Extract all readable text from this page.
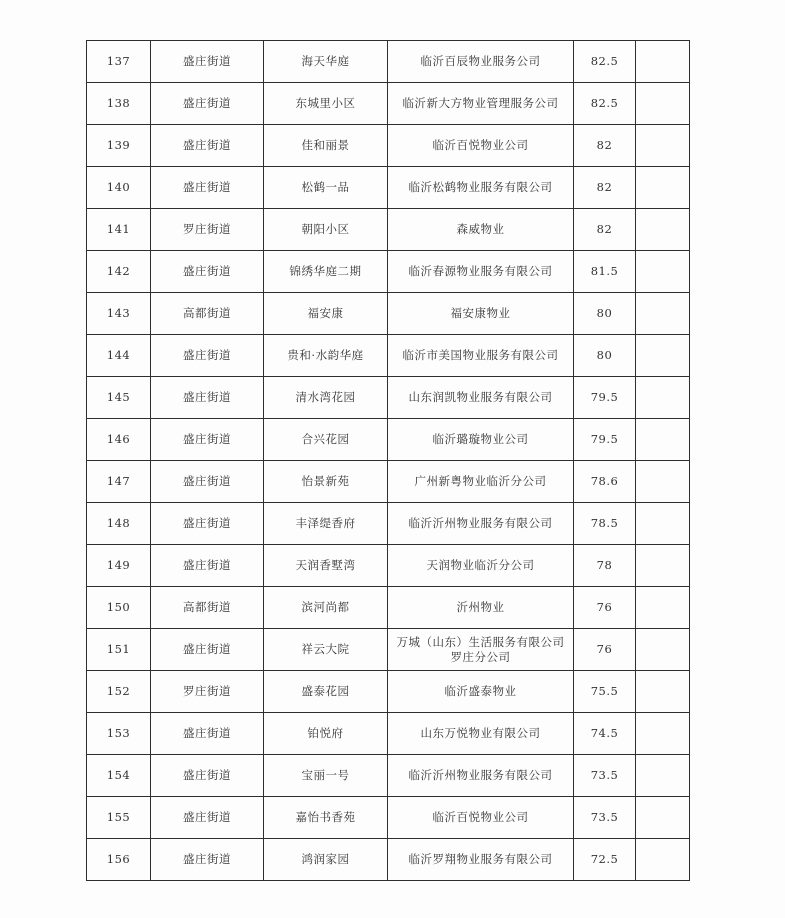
137	盛庄街道	海天华庭	临沂百辰物业服务公司	82.5	
138	盛庄街道	东城里小区	临沂新大方物业管理服务公司	82.5	
139	盛庄街道	佳和丽景	临沂百悦物业公司	82	
140	盛庄街道	松鹤一品	临沂松鹤物业服务有限公司	82	
141	罗庄街道	朝阳小区	森威物业	82	
142	盛庄街道	锦绣华庭二期	临沂春源物业服务有限公司	81.5	
143	高都街道	福安康	福安康物业	80	
144	盛庄街道	贵和·水韵华庭	临沂市美国物业服务有限公司	80	
145	盛庄街道	清水湾花园	山东润凯物业服务有限公司	79.5	
146	盛庄街道	合兴花园	临沂璐璇物业公司	79.5	
147	盛庄街道	怡景新苑	广州新粤物业临沂分公司	78.6	
148	盛庄街道	丰泽缇香府	临沂沂州物业服务有限公司	78.5	
149	盛庄街道	天润香墅湾	天润物业临沂分公司	78	
150	高都街道	滨河尚都	沂州物业	76	
151	盛庄街道	祥云大院	万城（山东）生活服务有限公司
罗庄分公司	76	
152	罗庄街道	盛泰花园	临沂盛泰物业	75.5	
153	盛庄街道	铂悦府	山东万悦物业有限公司	74.5	
154	盛庄街道	宝丽一号	临沂沂州物业服务有限公司	73.5	
155	盛庄街道	嘉怡书香苑	临沂百悦物业公司	73.5	
156	盛庄街道	鸿润家园	临沂罗翔物业服务有限公司	72.5	
